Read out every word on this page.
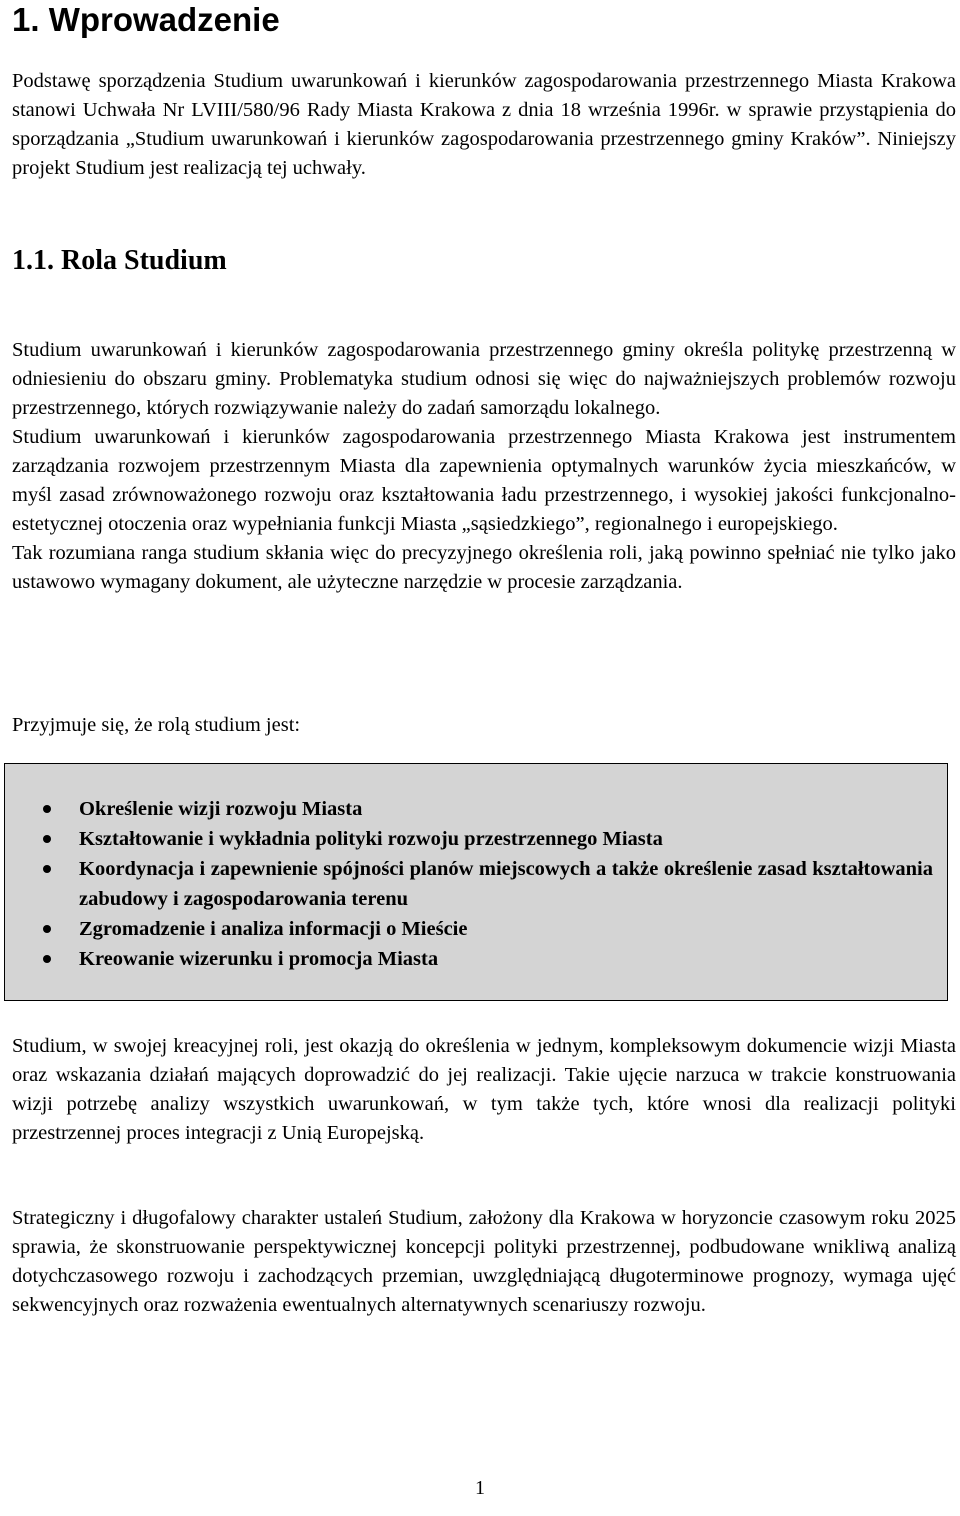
1. Wprowadzenie

Podstawę sporządzenia Studium uwarunkowań i kierunków zagospodarowania przestrzennego Miasta Krakowa stanowi Uchwała Nr LVIII/580/96 Rady Miasta Krakowa z dnia 18 września 1996r. w sprawie przystąpienia do sporządzania „Studium uwarunkowań i kierunków zagospodarowania przestrzennego gminy Kraków”. Niniejszy projekt Studium jest realizacją tej uchwały.

1.1. Rola Studium

Studium uwarunkowań i kierunków zagospodarowania przestrzennego gminy określa politykę przestrzenną w odniesieniu do obszaru gminy. Problematyka studium odnosi się więc do najważniejszych problemów rozwoju przestrzennego, których rozwiązywanie należy do zadań samorządu lokalnego.

Studium uwarunkowań i kierunków zagospodarowania przestrzennego Miasta Krakowa jest instrumentem zarządzania rozwojem przestrzennym Miasta dla zapewnienia optymalnych warunków życia mieszkańców, w myśl zasad zrównoważonego rozwoju oraz kształtowania ładu przestrzennego, i wysokiej jakości funkcjonalno-estetycznej otoczenia oraz wypełniania funkcji Miasta „sąsiedzkiego”, regionalnego i europejskiego.

Tak rozumiana ranga studium skłania więc do precyzyjnego określenia roli, jaką powinno spełniać nie tylko jako ustawowo wymagany dokument, ale użyteczne narzędzie w procesie zarządzania.

Przyjmuje się, że rolą studium jest:

Studium, w swojej kreacyjnej roli, jest okazją do określenia w jednym, kompleksowym dokumencie wizji Miasta oraz wskazania działań mających doprowadzić do jej realizacji. Takie ujęcie narzuca w trakcie konstruowania wizji potrzebę analizy wszystkich uwarunkowań, w tym także tych, które wnosi dla realizacji polityki przestrzennej proces integracji z Unią Europejską.

Strategiczny i długofalowy charakter ustaleń Studium, założony dla Krakowa w horyzoncie czasowym roku 2025 sprawia, że skonstruowanie perspektywicznej koncepcji polityki przestrzennej, podbudowane wnikliwą analizą dotychczasowego rozwoju i zachodzących przemian, uwzględniającą długoterminowe prognozy, wymaga ujęć sekwencyjnych oraz rozważenia ewentualnych alternatywnych scenariuszy rozwoju.

Określenie wizji rozwoju Miasta
Kształtowanie i wykładnia polityki rozwoju przestrzennego Miasta
Koordynacja i zapewnienie spójności planów miejscowych a także określenie zasad kształtowania zabudowy i zagospodarowania terenu
Zgromadzenie i analiza informacji o Mieście
Kreowanie wizerunku i promocja Miasta
1
